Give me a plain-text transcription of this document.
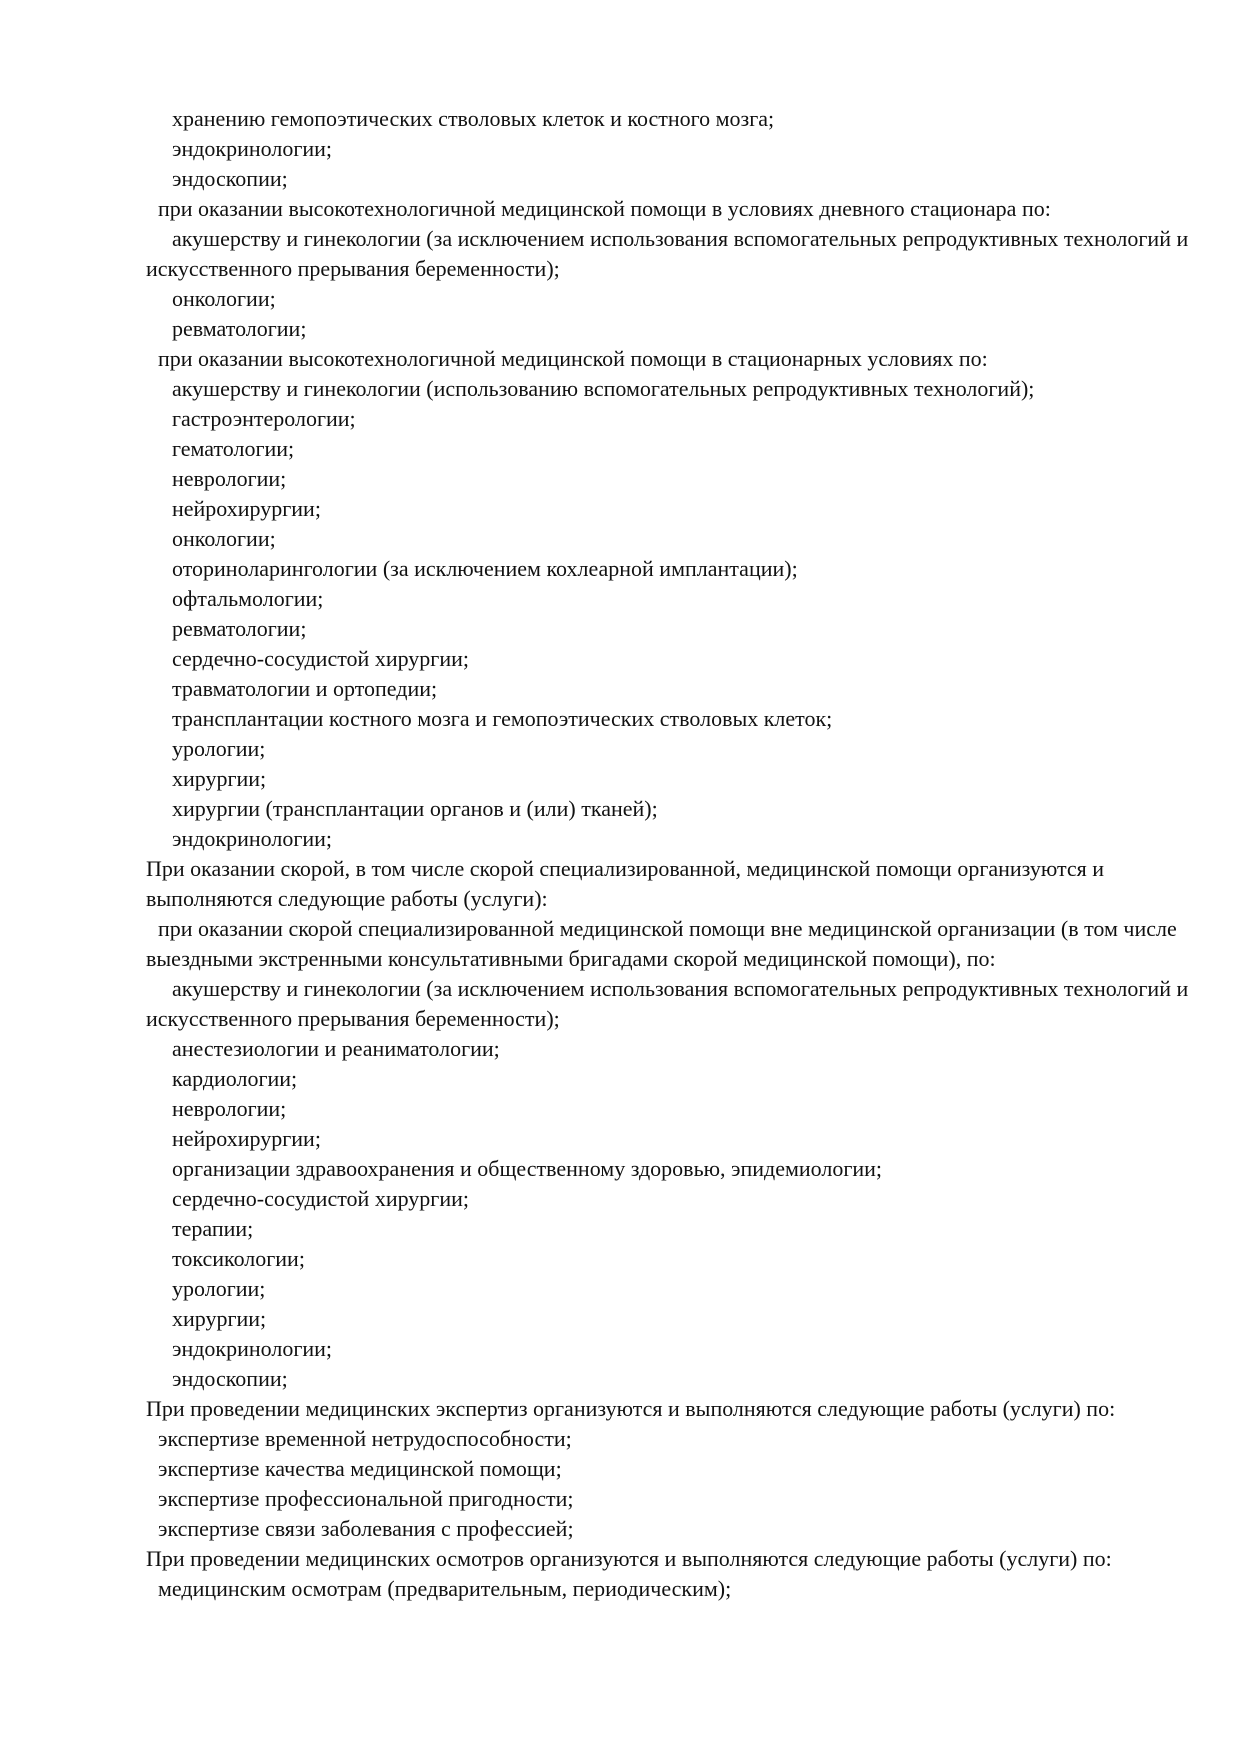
хранению гемопоэтических стволовых клеток и костного мозга;

эндокринологии;

эндоскопии;

при оказании высокотехнологичной медицинской помощи в условиях дневного стационара по:

акушерству и гинекологии (за исключением использования вспомогательных репродуктивных технологий и искусственного прерывания беременности);

онкологии;

ревматологии;

при оказании высокотехнологичной медицинской помощи в стационарных условиях по:

акушерству и гинекологии (использованию вспомогательных репродуктивных технологий);

гастроэнтерологии;

гематологии;

неврологии;

нейрохирургии;

онкологии;

оториноларингологии (за исключением кохлеарной имплантации);

офтальмологии;

ревматологии;

сердечно-сосудистой хирургии;

травматологии и ортопедии;

трансплантации костного мозга и гемопоэтических стволовых клеток;

урологии;

хирургии;

хирургии (трансплантации органов и (или) тканей);

эндокринологии;

При оказании скорой, в том числе скорой специализированной, медицинской помощи организуются и выполняются следующие работы (услуги):

при оказании скорой специализированной медицинской помощи вне медицинской организации (в том числе выездными экстренными консультативными бригадами скорой медицинской помощи), по:

акушерству и гинекологии (за исключением использования вспомогательных репродуктивных технологий и искусственного прерывания беременности);

анестезиологии и реаниматологии;

кардиологии;

неврологии;

нейрохирургии;

организации здравоохранения и общественному здоровью, эпидемиологии;

сердечно-сосудистой хирургии;

терапии;

токсикологии;

урологии;

хирургии;

эндокринологии;

эндоскопии;

При проведении медицинских экспертиз организуются и выполняются следующие работы (услуги) по:

экспертизе временной нетрудоспособности;

экспертизе качества медицинской помощи;

экспертизе профессиональной пригодности;

экспертизе связи заболевания с профессией;

При проведении медицинских осмотров организуются и выполняются следующие работы (услуги) по:

медицинским осмотрам (предварительным, периодическим);
